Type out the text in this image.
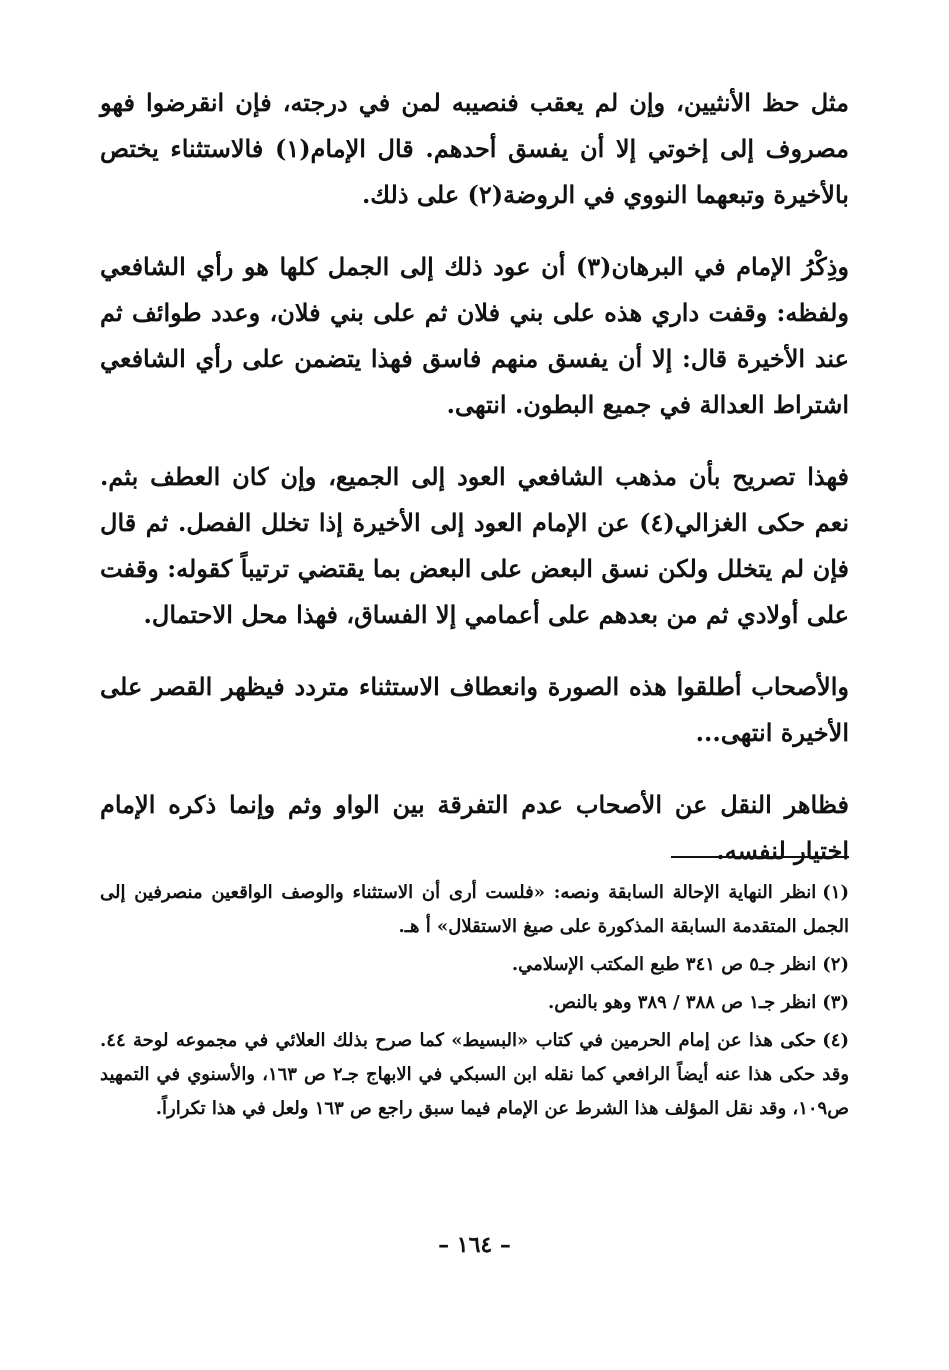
مثل حظ الأنثيين، وإن لم يعقب فنصيبه لمن في درجته، فإن انقرضوا فهو مصروف إلى إخوتي إلا أن يفسق أحدهم. قال الإمام(١) فالاستثناء يختص بالأخيرة وتبعهما النووي في الروضة(٢) على ذلك.

وذِكْرُ الإمام في البرهان(٣) أن عود ذلك إلى الجمل كلها هو رأي الشافعي ولفظه: وقفت داري هذه على بني فلان ثم على بني فلان، وعدد طوائف ثم عند الأخيرة قال: إلا أن يفسق منهم فاسق فهذا يتضمن على رأي الشافعي اشتراط العدالة في جميع البطون. انتهى.

فهذا تصريح بأن مذهب الشافعي العود إلى الجميع، وإن كان العطف بثم. نعم حكى الغزالي(٤) عن الإمام العود إلى الأخيرة إذا تخلل الفصل. ثم قال فإن لم يتخلل ولكن نسق البعض على البعض بما يقتضي ترتيباً كقوله: وقفت على أولادي ثم من بعدهم على أعمامي إلا الفساق، فهذا محل الاحتمال.

والأصحاب أطلقوا هذه الصورة وانعطاف الاستثناء متردد فيظهر القصر على الأخيرة انتهى...

فظاهر النقل عن الأصحاب عدم التفرقة بين الواو وثم وإنما ذكره الإمام اختيار لنفسه.

(١)انظر النهاية الإحالة السابقة ونصه: «فلست أرى أن الاستثناء والوصف الواقعين منصرفين إلى الجمل المتقدمة السابقة المذكورة على صيغ الاستقلال» أ هـ.

(٢)انظر جـ٥ ص ٣٤١ طبع المكتب الإسلامي.

(٣)انظر جـ١ ص ٣٨٨ / ٣٨٩ وهو بالنص.

(٤)حكى هذا عن إمام الحرمين في كتاب «البسيط» كما صرح بذلك العلائي في مجموعه لوحة ٤٤. وقد حكى هذا عنه أيضاً الرافعي كما نقله ابن السبكي في الابهاج جـ٢ ص ١٦٣، والأسنوي في التمهيد ص١٠٩، وقد نقل المؤلف هذا الشرط عن الإمام فيما سبق راجع ص ١٦٣ ولعل في هذا تكراراً.

– ١٦٤ –
